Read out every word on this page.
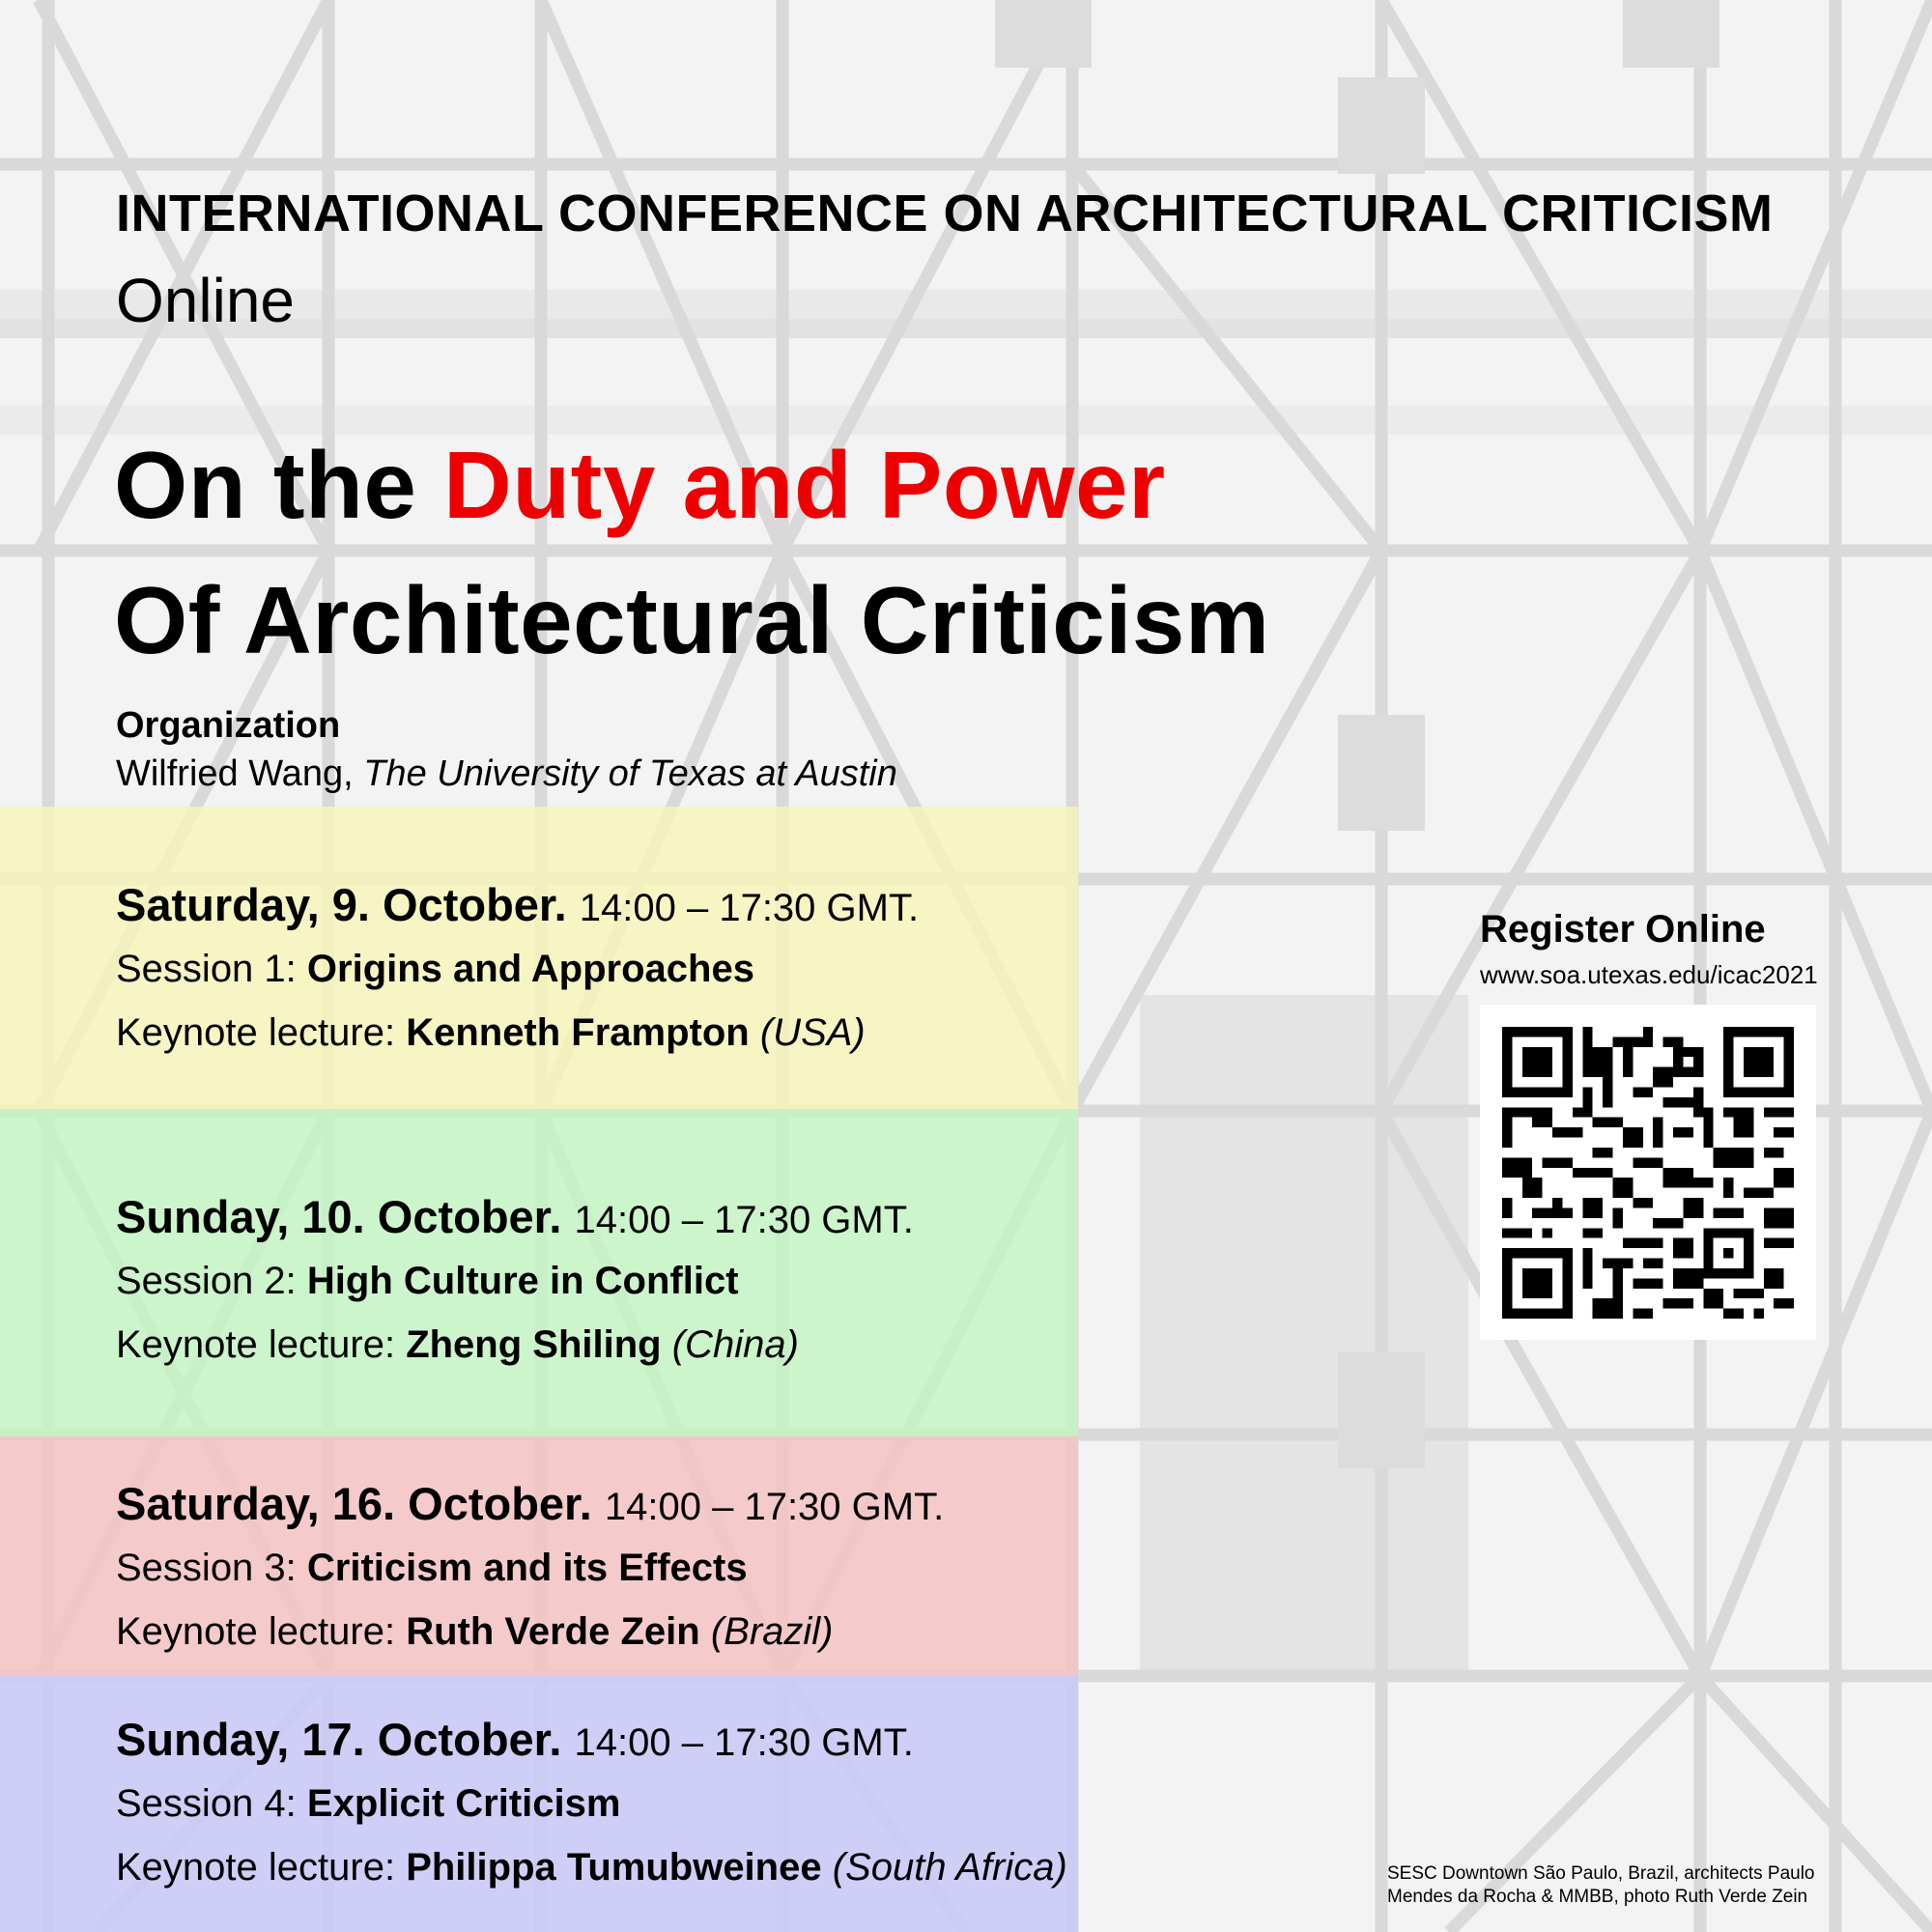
Saturday, 9. October. 14:00 – 17:30 GMT.
Session 1: Origins and Approaches
Keynote lecture: Kenneth Frampton (USA)
Sunday, 10. October. 14:00 – 17:30 GMT.
Session 2: High Culture in Conflict
Keynote lecture: Zheng Shiling (China)
Saturday, 16. October. 14:00 – 17:30 GMT.
Session 3: Criticism and its Effects
Keynote lecture: Ruth Verde Zein (Brazil)
Sunday, 17. October. 14:00 – 17:30 GMT.
Session 4: Explicit Criticism
Keynote lecture: Philippa Tumubweinee (South Africa)
INTERNATIONAL CONFERENCE ON ARCHITECTURAL CRITICISM
Online
On the Duty and Power
Of Architectural Criticism
Organization
Wilfried Wang, The University of Texas at Austin
Register Online
www.soa.utexas.edu/icac2021
SESC Downtown São Paulo, Brazil, architects Paulo
Mendes da Rocha & MMBB, photo Ruth Verde Zein
